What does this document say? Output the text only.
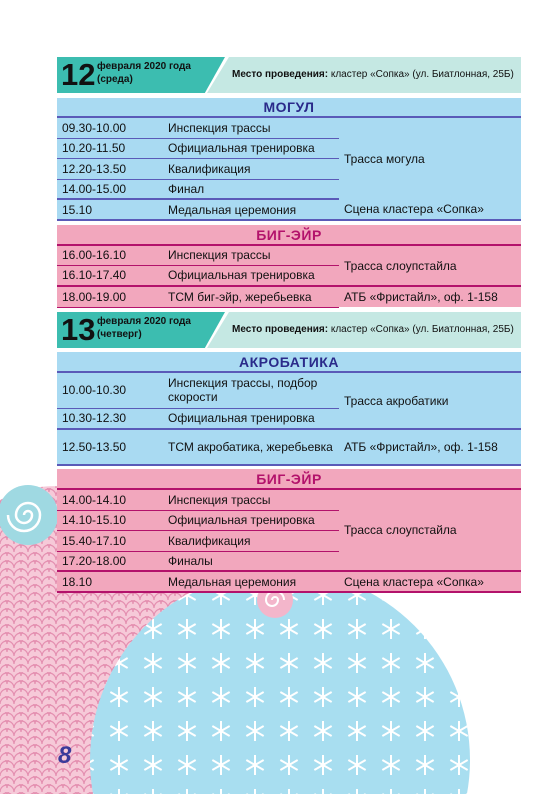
12 февраля 2020 года
(среда)	Место проведения: кластер «Сопка» (ул. Биатлонная, 25Б)
МОГУЛ		
09.30-10.00	Инспекция трассы	Трасса могула
10.20-11.50	Официальная тренировка	
12.20-13.50	Квалификация	
14.00-15.00	Финал	
15.10	Медальная церемония	Сцена кластера «Сопка»
БИГ-ЭЙР		
16.00-16.10	Инспекция трассы	Трасса слоупстайла
16.10-17.40	Официальная тренировка	
18.00-19.00	ТСМ биг-эйр, жеребьевка	АТБ «Фристайл», оф. 1-158
13 февраля 2020 года
(четверг)	Место проведения: кластер «Сопка» (ул. Биатлонная, 25Б)
АКРОБАТИКА		
10.00-10.30	Инспекция трассы, подбор скорости	Трасса акробатики
10.30-12.30	Официальная тренировка	
12.50-13.50	ТСМ акробатика, жеребьевка	АТБ «Фристайл», оф. 1-158
БИГ-ЭЙР		
14.00-14.10	Инспекция трассы	Трасса слоупстайла
14.10-15.10	Официальная тренировка	
15.40-17.10	Квалификация	
17.20-18.00	Финалы	
18.10	Медальная церемония	Сцена кластера «Сопка»
8
